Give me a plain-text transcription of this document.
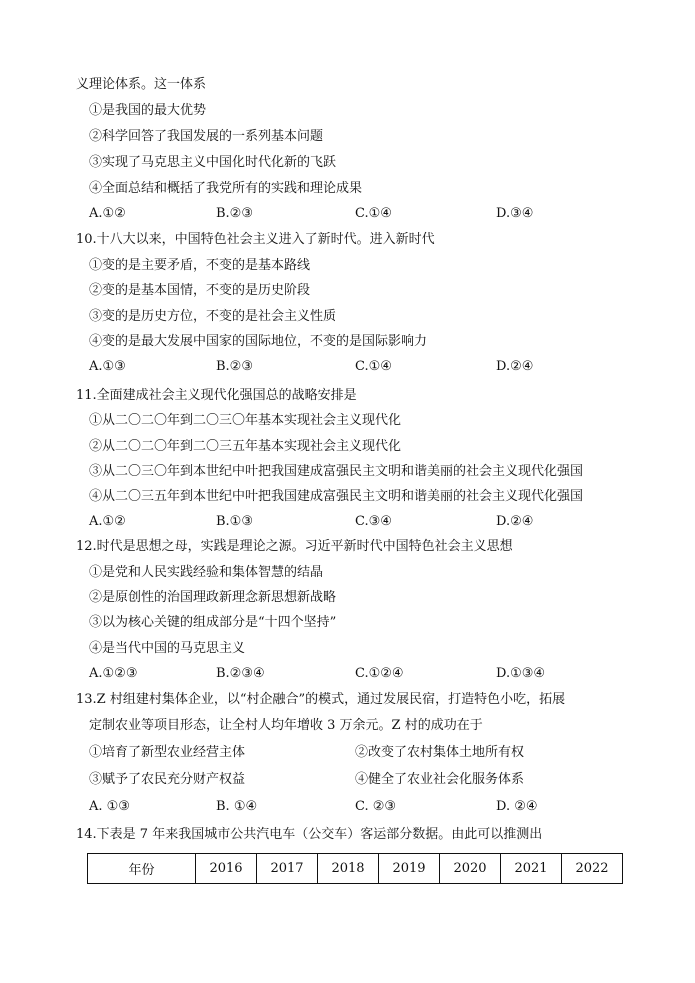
义理论体系。这一体系
①是我国的最大优势
②科学回答了我国发展的一系列基本问题
③实现了马克思主义中国化时代化新的飞跃
④全面总结和概括了我党所有的实践和理论成果
A.①②	B.②③	C.①④	D.③④
10.十八大以来，中国特色社会主义进入了新时代。进入新时代
①变的是主要矛盾，不变的是基本路线
②变的是基本国情，不变的是历史阶段
③变的是历史方位，不变的是社会主义性质
④变的是最大发展中国家的国际地位，不变的是国际影响力
A.①③	B.②③	C.①④	D.②④
11.全面建成社会主义现代化强国总的战略安排是
①从二〇二〇年到二〇三〇年基本实现社会主义现代化
②从二〇二〇年到二〇三五年基本实现社会主义现代化
③从二〇三〇年到本世纪中叶把我国建成富强民主文明和谐美丽的社会主义现代化强国
④从二〇三五年到本世纪中叶把我国建成富强民主文明和谐美丽的社会主义现代化强国
A.①②	B.①③	C.③④	D.②④
12.时代是思想之母，实践是理论之源。习近平新时代中国特色社会主义思想
①是党和人民实践经验和集体智慧的结晶
②是原创性的治国理政新理念新思想新战略
③以为核心关键的组成部分是“十四个坚持”
④是当代中国的马克思主义
A.①②③	B.②③④	C.①②④	D.①③④
13.Z 村组建村集体企业，以“村企融合”的模式，通过发展民宿，打造特色小吃，拓展
定制农业等项目形态，让全村人均年增收 3 万余元。Z 村的成功在于
①培育了新型农业经营主体	②改变了农村集体土地所有权
③赋予了农民充分财产权益	④健全了农业社会化服务体系
A. ①③	B. ①④	C. ②③	D. ②④
14.下表是 7 年来我国城市公共汽电车（公交车）客运部分数据。由此可以推测出
年份	2016	2017	2018	2019	2020	2021	2022
